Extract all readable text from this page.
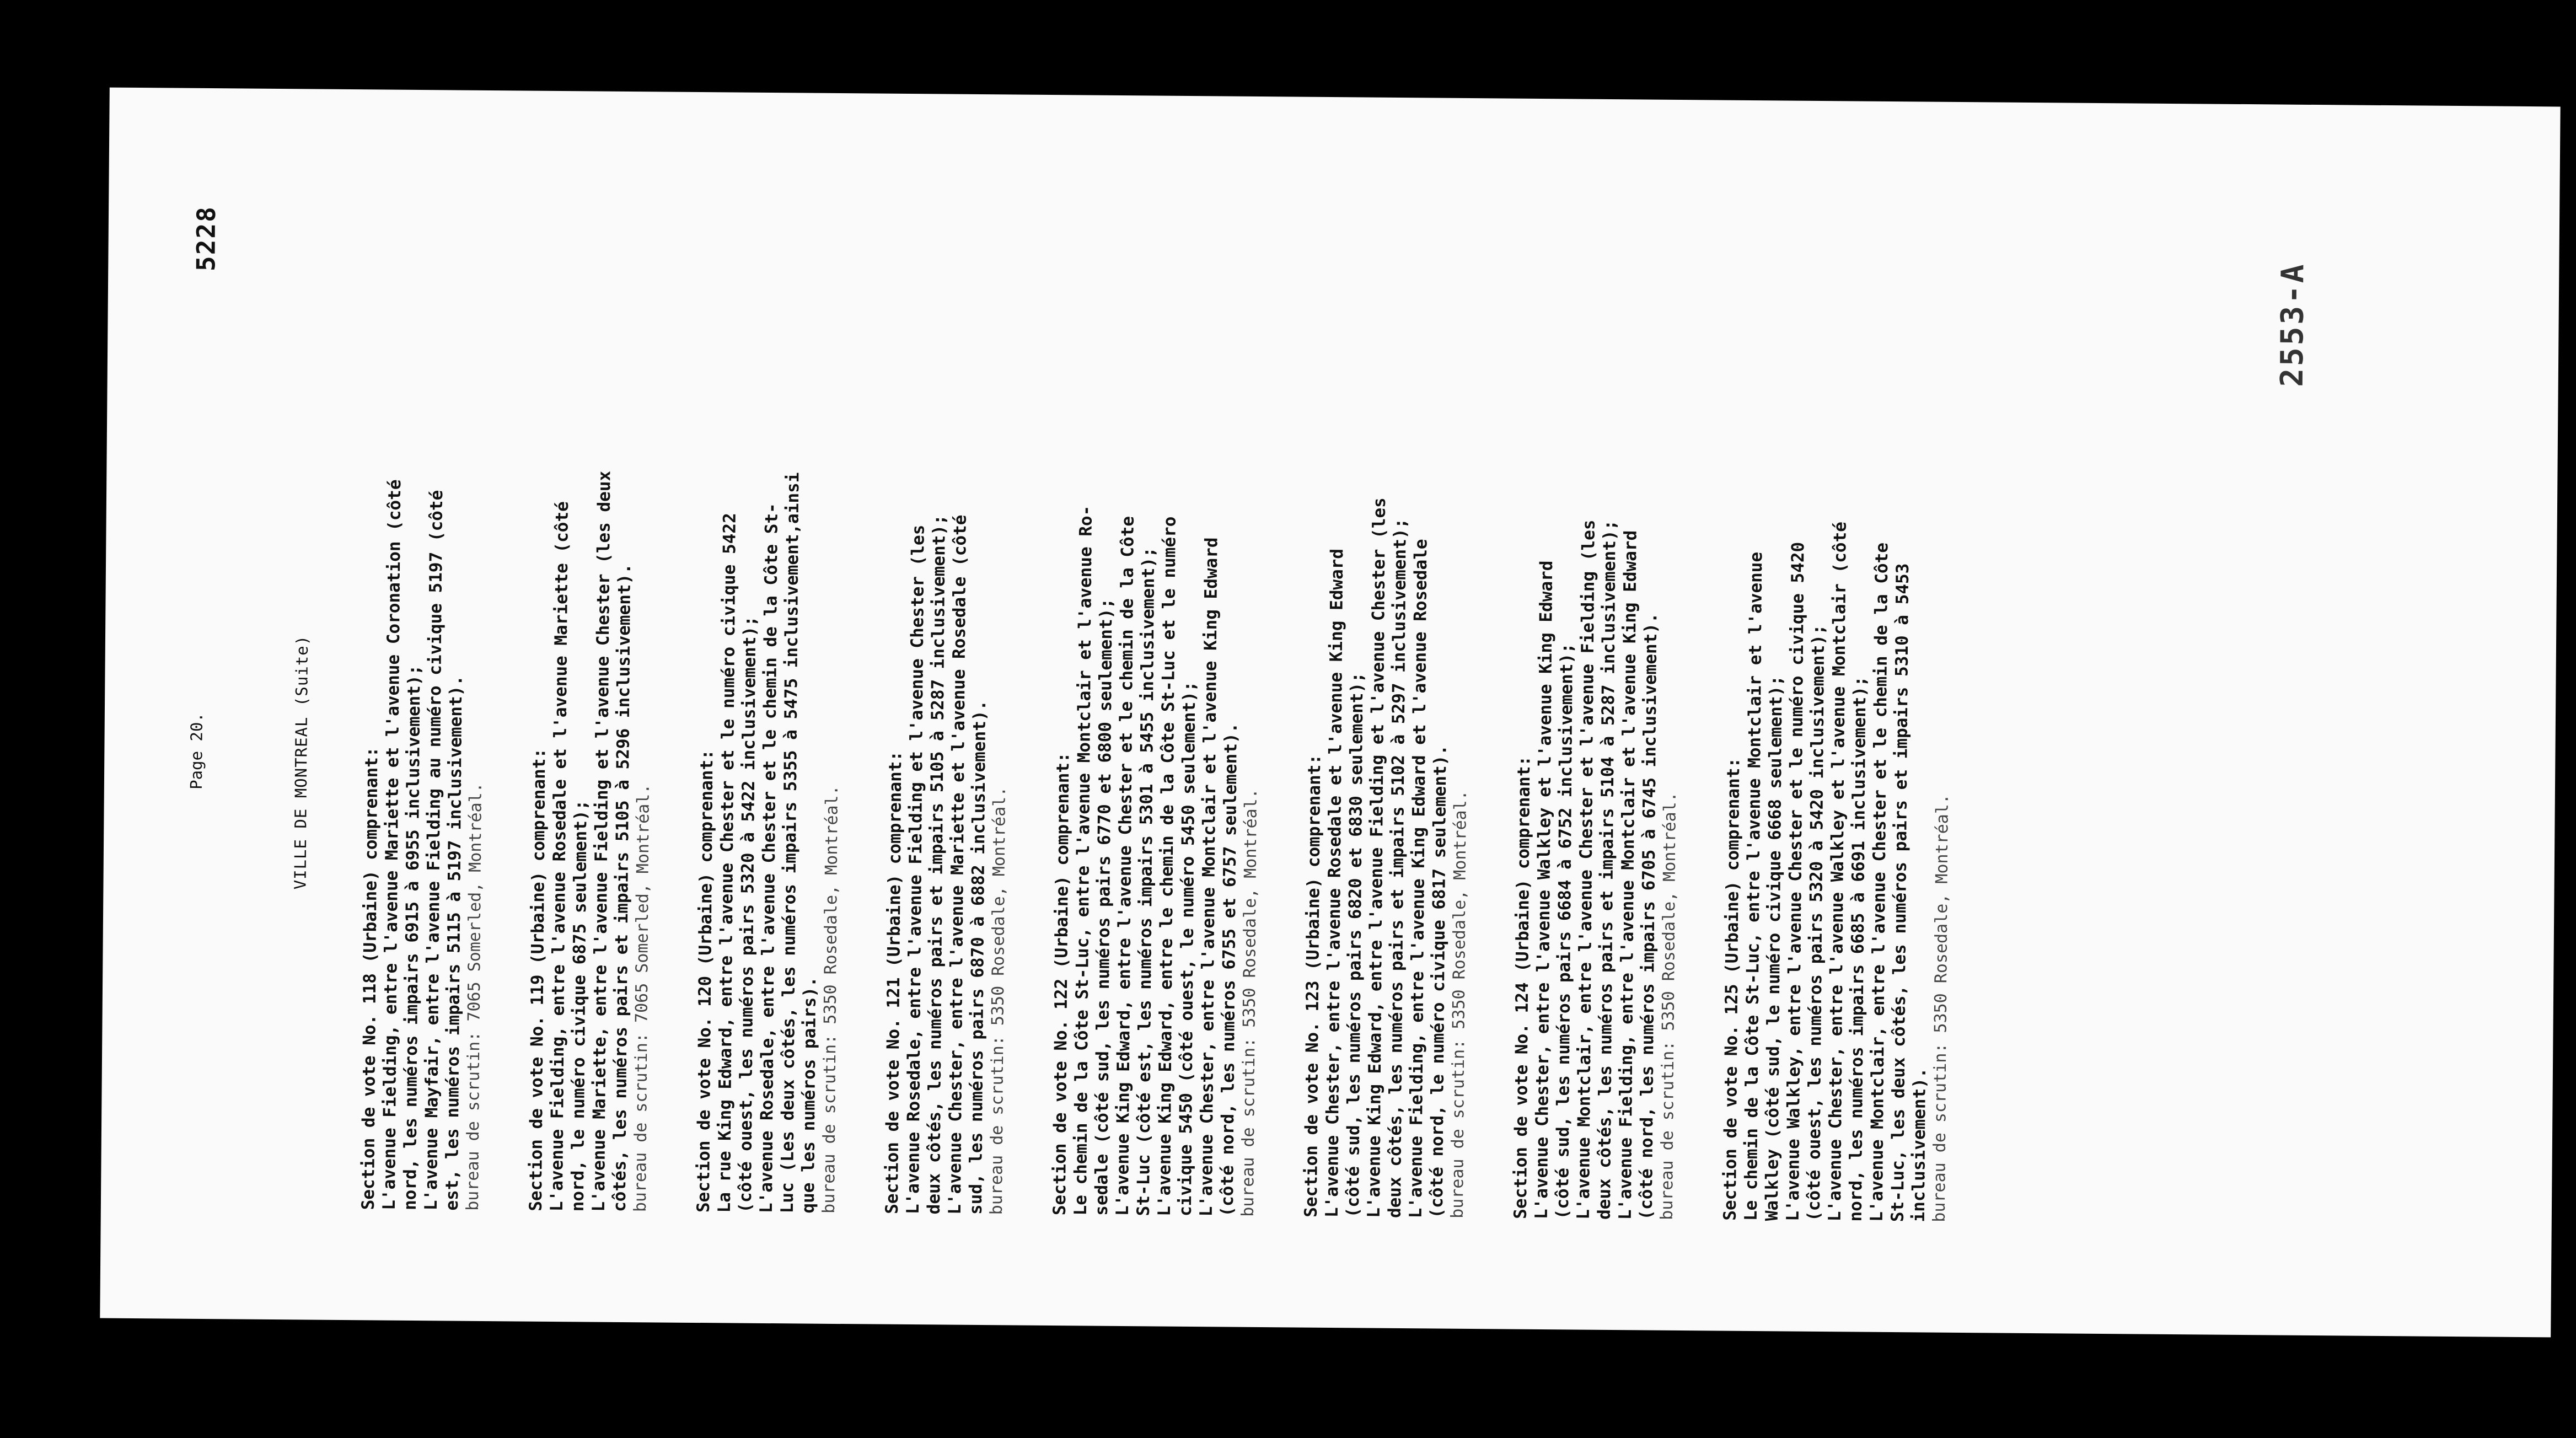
5228
Page 20.	VILLE DE MONTREAL (Suite)
2553-A
Section de vote No. 118 (Urbaine) comprenant:
L'avenue Fielding, entre l'avenue Mariette et l'avenue Coronation (côté
nord, les numéros impairs 6915 à 6955 inclusivement);
L'avenue Mayfair, entre l'avenue Fielding au numéro civique 5197 (côté
est, les numéros impairs 5115 à 5197 inclusivement).
bureau de scrutin: 7065 Somerled, Montréal.	Section de vote No. 119 (Urbaine) comprenant:
L'avenue Fielding, entre l'avenue Rosedale et l'avenue Mariette (côté
nord, le numéro civique 6875 seulement);
L'avenue Mariette, entre l'avenue Fielding et l'avenue Chester (les deux
côtés, les numéros pairs et impairs 5105 à 5296 inclusivement).
bureau de scrutin: 7065 Somerled, Montréal.	Section de vote No. 120 (Urbaine) comprenant:
La rue King Edward, entre l'avenue Chester et le numéro civique 5422
(côté ouest, les numéros pairs 5320 à 5422 inclusivement);
L'avenue Rosedale, entre l'avenue Chester et le chemin de la Côte St-
Luc (Les deux côtés, les numéros impairs 5355 à 5475 inclusivement,ainsi
que les numéros pairs).
bureau de scrutin: 5350 Rosedale, Montréal.	Section de vote No. 121 (Urbaine) comprenant:
L'avenue Rosedale, entre l'avenue Fielding et l'avenue Chester (les
deux côtés, les numéros pairs et impairs 5105 à 5287 inclusivement);
L'avenue Chester, entre l'avenue Mariette et l'avenue Rosedale (côté
sud, les numéros pairs 6870 à 6882 inclusivement).
bureau de scrutin: 5350 Rosedale, Montréal.	Section de vote No. 122 (Urbaine) comprenant:
Le chemin de la Côte St-Luc, entre l'avenue Montclair et l'avenue Ro-
sedale (côté sud, les numéros pairs 6770 et 6800 seulement);
L'avenue King Edward, entre l'avenue Chester et le chemin de la Côte
St-Luc (côté est, les numéros impairs 5301 à 5455 inclusivement);
L'avenue King Edward, entre le chemin de la Côte St-Luc et le numéro
civique 5450 (côté ouest, le numéro 5450 seulement);
L'avenue Chester, entre l'avenue Montclair et l'avenue King Edward
(côté nord, les numéros 6755 et 6757 seulement).
bureau de scrutin: 5350 Rosedale, Montréal.	Section de vote No. 123 (Urbaine) comprenant:
L'avenue Chester, entre l'avenue Rosedale et l'avenue King Edward
(côté sud, les numéros pairs 6820 et 6830 seulement);
L'avenue King Edward, entre l'avenue Fielding et l'avenue Chester (les
deux côtés, les numéros pairs et impairs 5102 à 5297 inclusivement);
L'avenue Fielding, entre l'avenue King Edward et l'avenue Rosedale
(côté nord, le numéro civique 6817 seulement).
bureau de scrutin: 5350 Rosedale, Montréal.	Section de vote No. 124 (Urbaine) comprenant:
L'avenue Chester, entre l'avenue Walkley et l'avenue King Edward
(côté sud, les numéros pairs 6684 à 6752 inclusivement);
L'avenue Montclair, entre l'avenue Chester et l'avenue Fielding (les
deux côtés, les numéros pairs et impairs 5104 à 5287 inclusivement);
L'avenue Fielding, entre l'avenue Montclair et l'avenue King Edward
(côté nord, les numéros impairs 6705 à 6745 inclusivement).
bureau de scrutin: 5350 Rosedale, Montréal.	Section de vote No. 125 (Urbaine) comprenant:
Le chemin de la Côte St-Luc, entre l'avenue Montclair et l'avenue
Walkley (côté sud, le numéro civique 6668 seulement);
L'avenue Walkley, entre l'avenue Chester et le numéro civique 5420
(côté ouest, les numéros pairs 5320 à 5420 inclusivement);
L'avenue Chester, entre l'avenue Walkley et l'avenue Montclair (côté
nord, les numéros impairs 6685 à 6691 inclusivement);
L'avenue Montclair, entre l'avenue Chester et le chemin de la Côte
St-Luc, les deux côtés, les numéros pairs et impairs 5310 à 5453
inclusivement). bureau de scrutin: 5350 Rosedale, Montréal.
